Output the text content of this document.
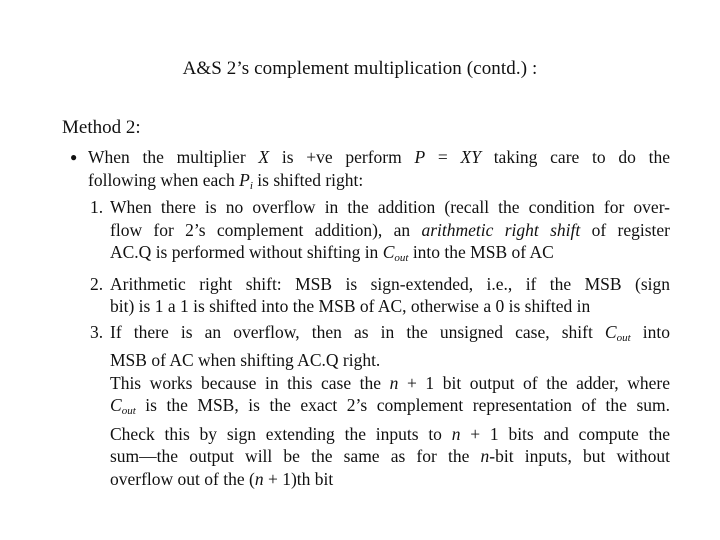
A&S 2’s complement multiplication (contd.) :
Method 2:
● When the multiplier X is +ve perform P = XY taking care to do the
following when each $P_i$ is shifted right:
1. When there is no overflow in the addition (recall the condition for over-
flow for 2’s complement addition), an arithmetic right shift of register
AC.Q is performed without shifting in $C_{out}$ into the MSB of AC
2. Arithmetic right shift: MSB is sign-extended, i.e., if the MSB (sign
bit) is 1 a 1 is shifted into the MSB of AC, otherwise a 0 is shifted in
3. If there is an overflow, then as in the unsigned case, shift $C_{out}$ into
MSB of AC when shifting AC.Q right.
This works because in this case the n + 1 bit output of the adder, where
$C_{out}$ is the MSB, is the exact 2’s complement representation of the sum.
Check this by sign extending the inputs to n + 1 bits and compute the
sum—the output will be the same as for the n-bit inputs, but without
overflow out of the (n + 1)th bit
